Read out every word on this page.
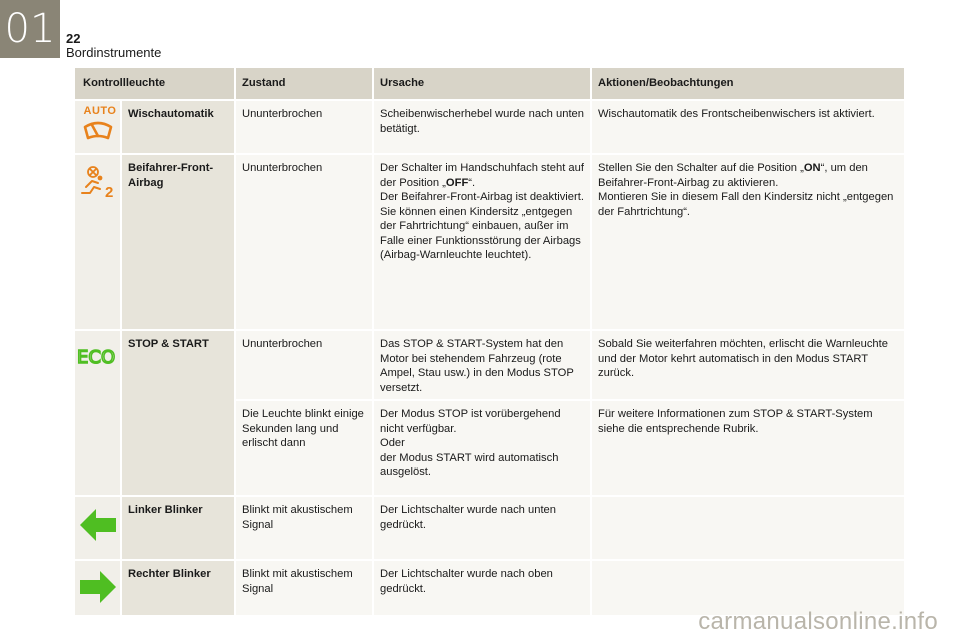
01 22
Bordinstrumente
Kontrollleuchte		Zustand	Ursache	Aktionen/Beobachtungen

AUTO	Wischautomatik	Ununterbrochen	Scheibenwischerhebel wurde nach unten betätigt.	Wischautomatik des Frontscheibenwischers ist aktiviert.

2	Beifahrer-Front-Airbag	Ununterbrochen	Der Schalter im Handschuhfach steht auf der Position „OFF“.
Der Beifahrer-Front-Airbag ist deaktiviert.
Sie können einen Kindersitz „entgegen der Fahrtrichtung“ einbauen, außer im Falle einer Funktionsstörung der Airbags (Airbag-Warnleuchte leuchtet).	Stellen Sie den Schalter auf die Position „ON“, um den Beifahrer-Front-Airbag zu aktivieren.
Montieren Sie in diesem Fall den Kindersitz nicht „entgegen der Fahrtrichtung“.

ECO	STOP & START	Ununterbrochen	Das STOP & START-System hat den Motor bei stehendem Fahrzeug (rote Ampel, Stau usw.) in den Modus STOP versetzt.	Sobald Sie weiterfahren möchten, erlischt die Warnleuchte und der Motor kehrt automatisch in den Modus START zurück.
		Die Leuchte blinkt einige Sekunden lang und erlischt dann	Der Modus STOP ist vorübergehend nicht verfügbar.
Oder
der Modus START wird automatisch ausgelöst.	Für weitere Informationen zum STOP & START-System siehe die entsprechende Rubrik.
	Linker Blinker	Blinkt mit akustischem Signal	Der Lichtschalter wurde nach unten gedrückt.	
	Rechter Blinker	Blinkt mit akustischem Signal	Der Lichtschalter wurde nach oben gedrückt.	
carmanualsonline.info
